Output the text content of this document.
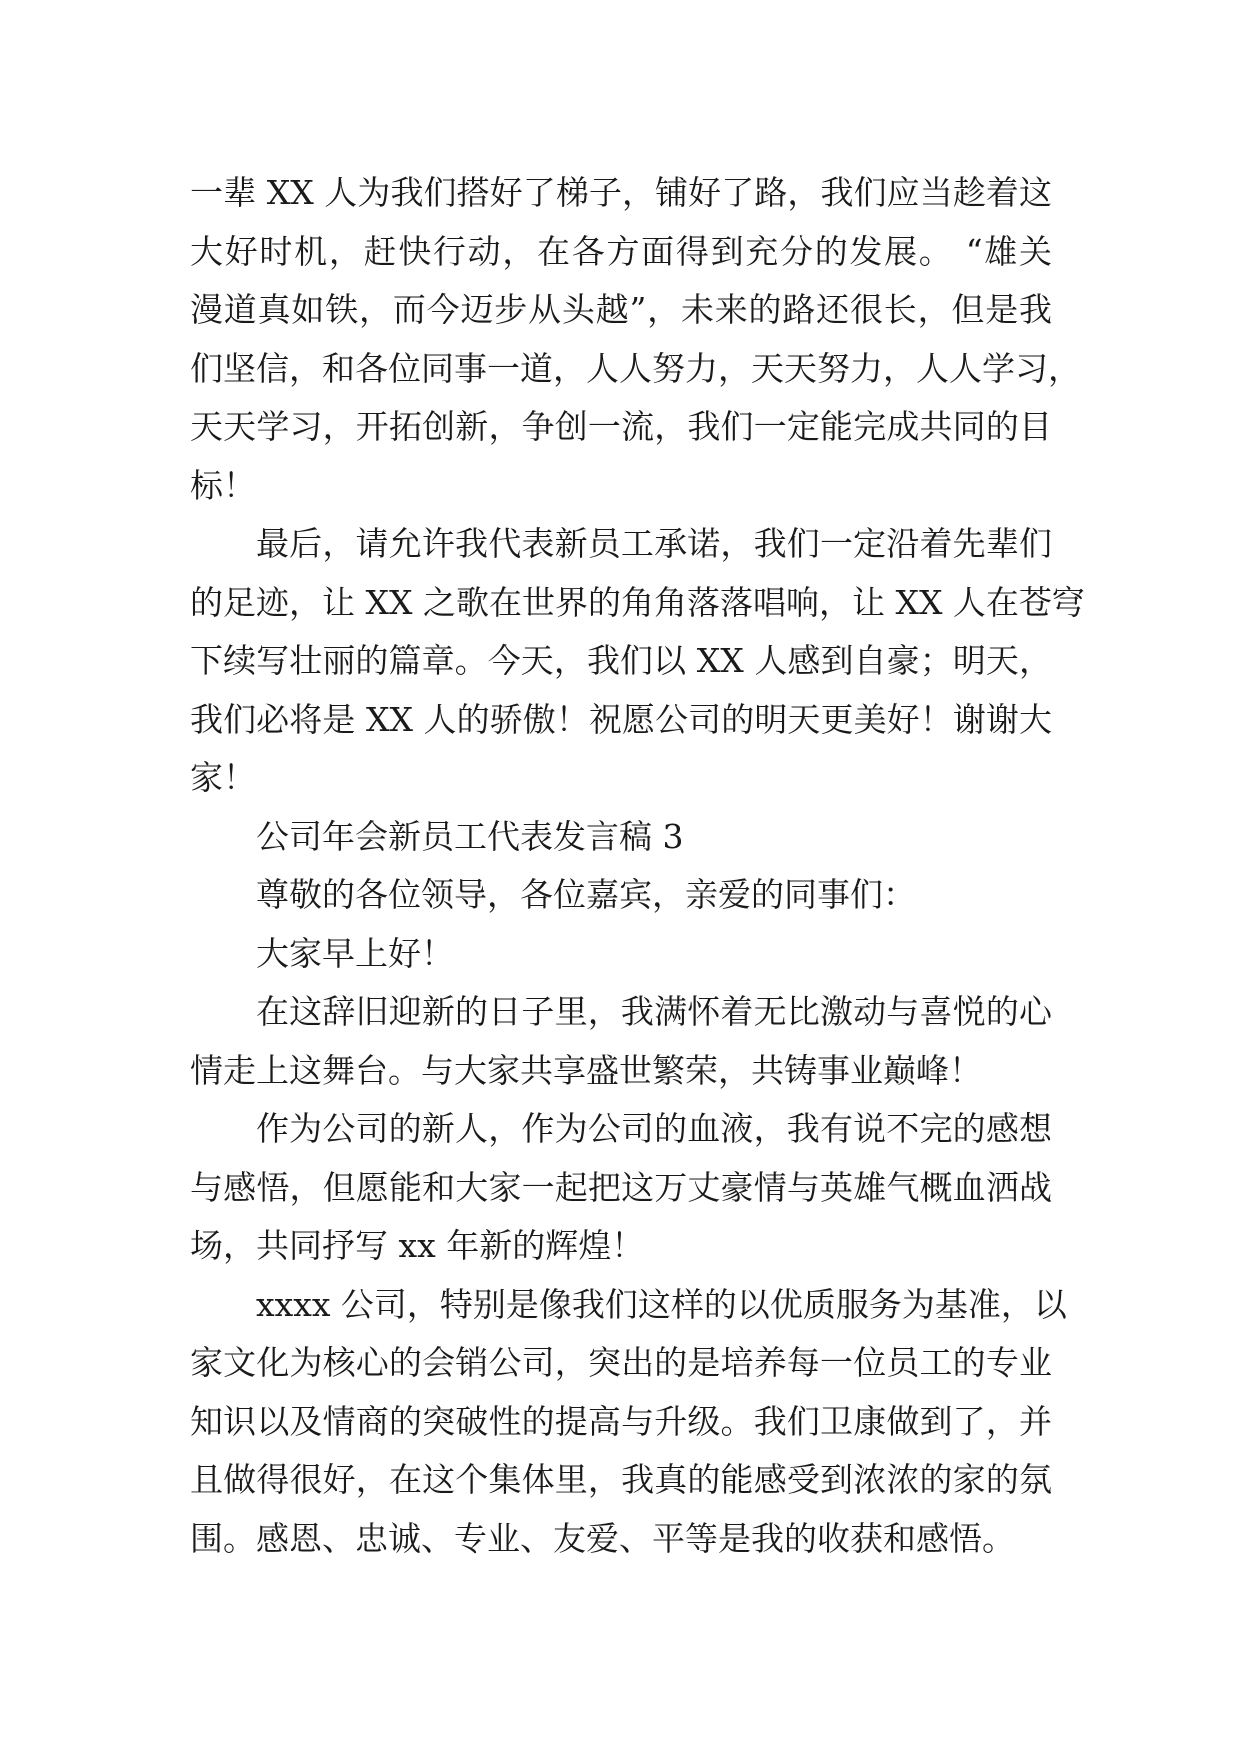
一辈 XX 人为我们搭好了梯子，铺好了路，我们应当趁着这
大好时机，赶快行动，在各方面得到充分的发展。 “雄关
漫道真如铁，而今迈步从头越”，未来的路还很长，但是我
们坚信，和各位同事一道，人人努力，天天努力，人人学习，
天天学习，开拓创新，争创一流，我们一定能完成共同的目
标！
最后，请允许我代表新员工承诺，我们一定沿着先辈们
的足迹，让 XX 之歌在世界的角角落落唱响，让 XX 人在苍穹
下续写壮丽的篇章。今天，我们以 XX 人感到自豪；明天，
我们必将是 XX 人的骄傲！祝愿公司的明天更美好！谢谢大
家！
公司年会新员工代表发言稿 3
尊敬的各位领导，各位嘉宾，亲爱的同事们：
大家早上好！
在这辞旧迎新的日子里，我满怀着无比激动与喜悦的心
情走上这舞台。与大家共享盛世繁荣，共铸事业巅峰！
作为公司的新人，作为公司的血液，我有说不完的感想
与感悟，但愿能和大家一起把这万丈豪情与英雄气概血洒战
场，共同抒写 xx 年新的辉煌！
xxxx 公司，特别是像我们这样的以优质服务为基准，以
家文化为核心的会销公司，突出的是培养每一位员工的专业
知识以及情商的突破性的提高与升级。我们卫康做到了，并
且做得很好，在这个集体里，我真的能感受到浓浓的家的氛
围。感恩、忠诚、专业、友爱、平等是我的收获和感悟。
